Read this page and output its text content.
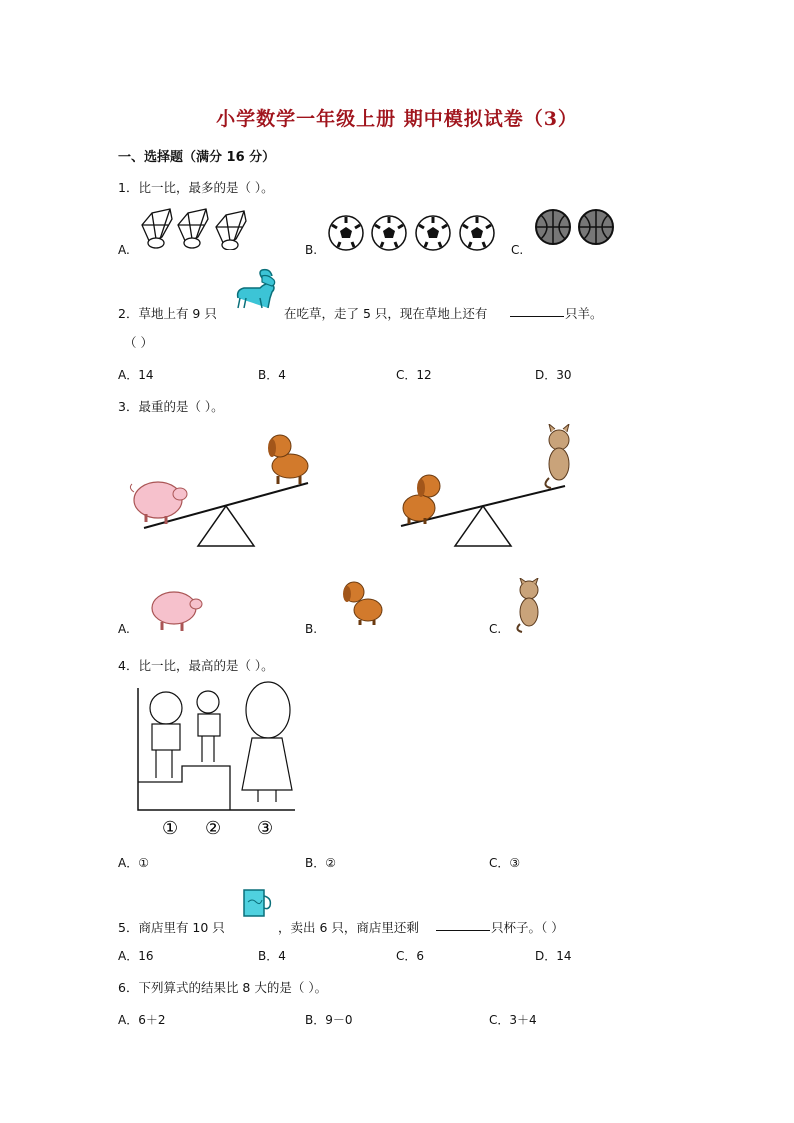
小学数学一年级上册 期中模拟试卷（3）
一、选择题（满分 16 分）
1．比一比，最多的是（ ）。
A.	B.	C.
2．草地上有 9 只	在吃草，走了 5 只，现在草地上还有	只羊。
（ ）
A．14	B．4	C．12	D．30
3．最重的是（ ）。
A.	B.	C.
4．比一比，最高的是（ ）。
① ② ③
A．①	B．②	C．③
5．商店里有 10 只	，卖出 6 只，商店里还剩	只杯子。（ ）
A．16	B．4	C．6	D．14
6．下列算式的结果比 8 大的是（ ）。
A．6＋2	B．9－0	C．3＋4
